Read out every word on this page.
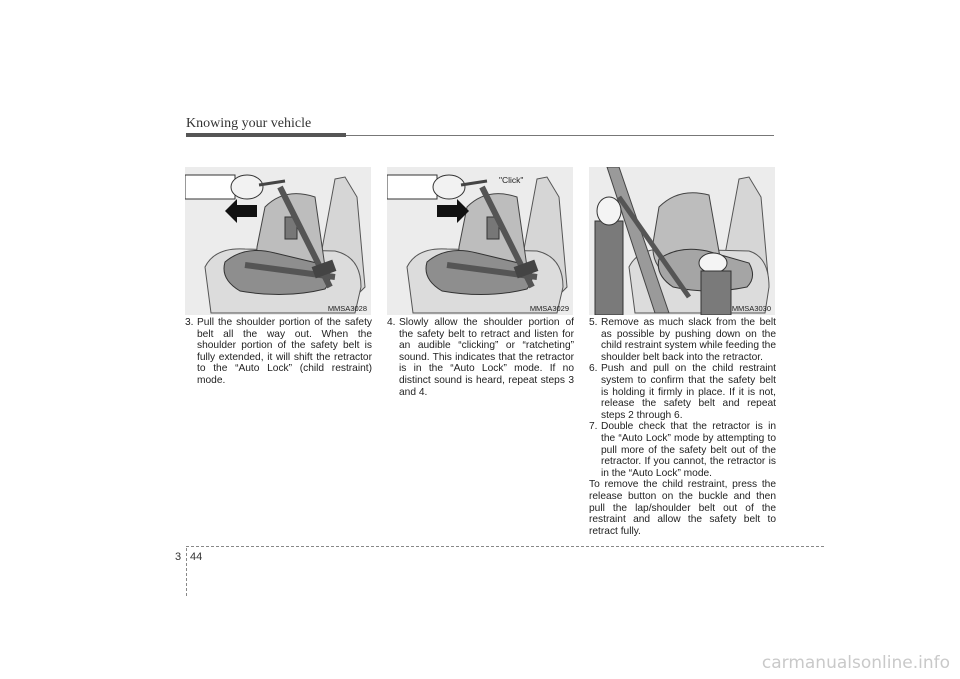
Knowing your vehicle
MMSA3028
"Click"
MMSA3029	MMSA3030

3. Pull the shoulder portion of the safety belt all the way out. When the shoulder portion of the safety belt is fully extended, it will shift the retractor to the “Auto Lock” (child restraint) mode.

4. Slowly allow the shoulder portion of the safety belt to retract and listen for an audible “clicking” or “ratcheting” sound. This indicates that the retractor is in the “Auto Lock” mode. If no distinct sound is heard, repeat steps 3 and 4.

5. Remove as much slack from the belt as possible by pushing down on the child restraint system while feeding the shoulder belt back into the retractor.

6. Push and pull on the child restraint system to confirm that the safety belt is holding it firmly in place. If it is not, release the safety belt and repeat steps 2 through 6.

7. Double check that the retractor is in the “Auto Lock” mode by attempting to pull more of the safety belt out of the retractor. If you cannot, the retractor is in the “Auto Lock” mode.

To remove the child restraint, press the release button on the buckle and then pull the lap/shoulder belt out of the restraint and allow the safety belt to retract fully.

3 44
carmanualsonline.info
